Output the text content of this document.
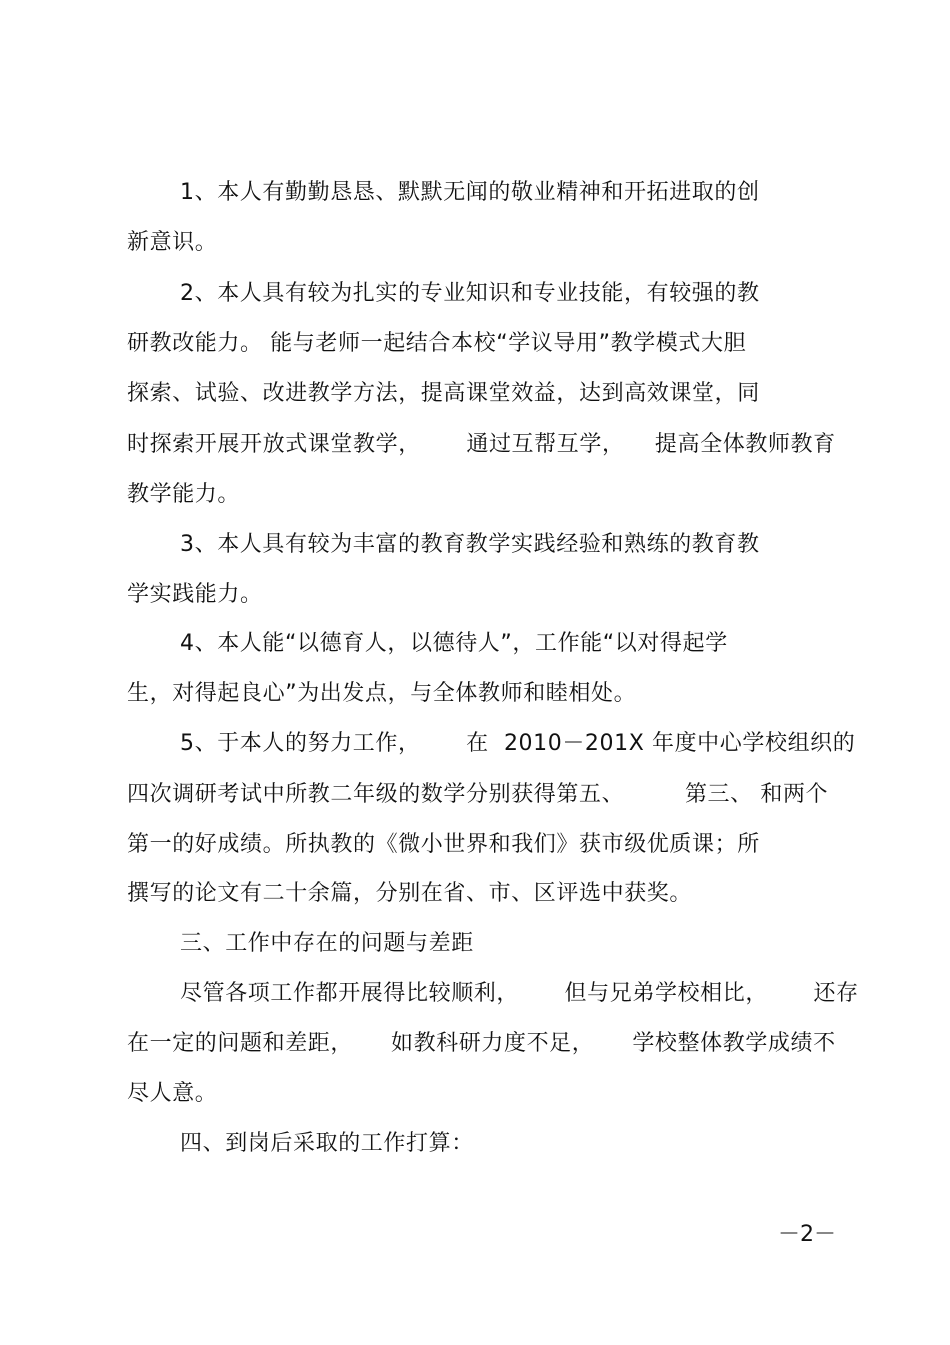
1、本人有勤勤恳恳、默默无闻的敬业精神和开拓进取的创
新意识。
2、本人具有较为扎实的专业知识和专业技能，有较强的教
研教改能力。 能与老师一起结合本校“学议导用”教学模式大胆
探索、试验、改进教学方法，提高课堂效益，达到高效课堂，同
时探索开展开放式课堂教学，      通过互帮互学，    提高全体教师教育
教学能力。
3、本人具有较为丰富的教育教学实践经验和熟练的教育教
学实践能力。
4、本人能“以德育人，以德待人”，工作能“以对得起学
生，对得起良心”为出发点，与全体教师和睦相处。
5、于本人的努力工作，      在  2010－201X 年度中心学校组织的
四次调研考试中所教二年级的数学分别获得第五、        第三、 和两个
第一的好成绩。所执教的《微小世界和我们》获市级优质课；所
撰写的论文有二十余篇，分别在省、市、区评选中获奖。
三、工作中存在的问题与差距
尽管各项工作都开展得比较顺利，      但与兄弟学校相比，      还存
在一定的问题和差距，     如教科研力度不足，     学校整体教学成绩不
尽人意。
四、到岗后采取的工作打算：
－2－
